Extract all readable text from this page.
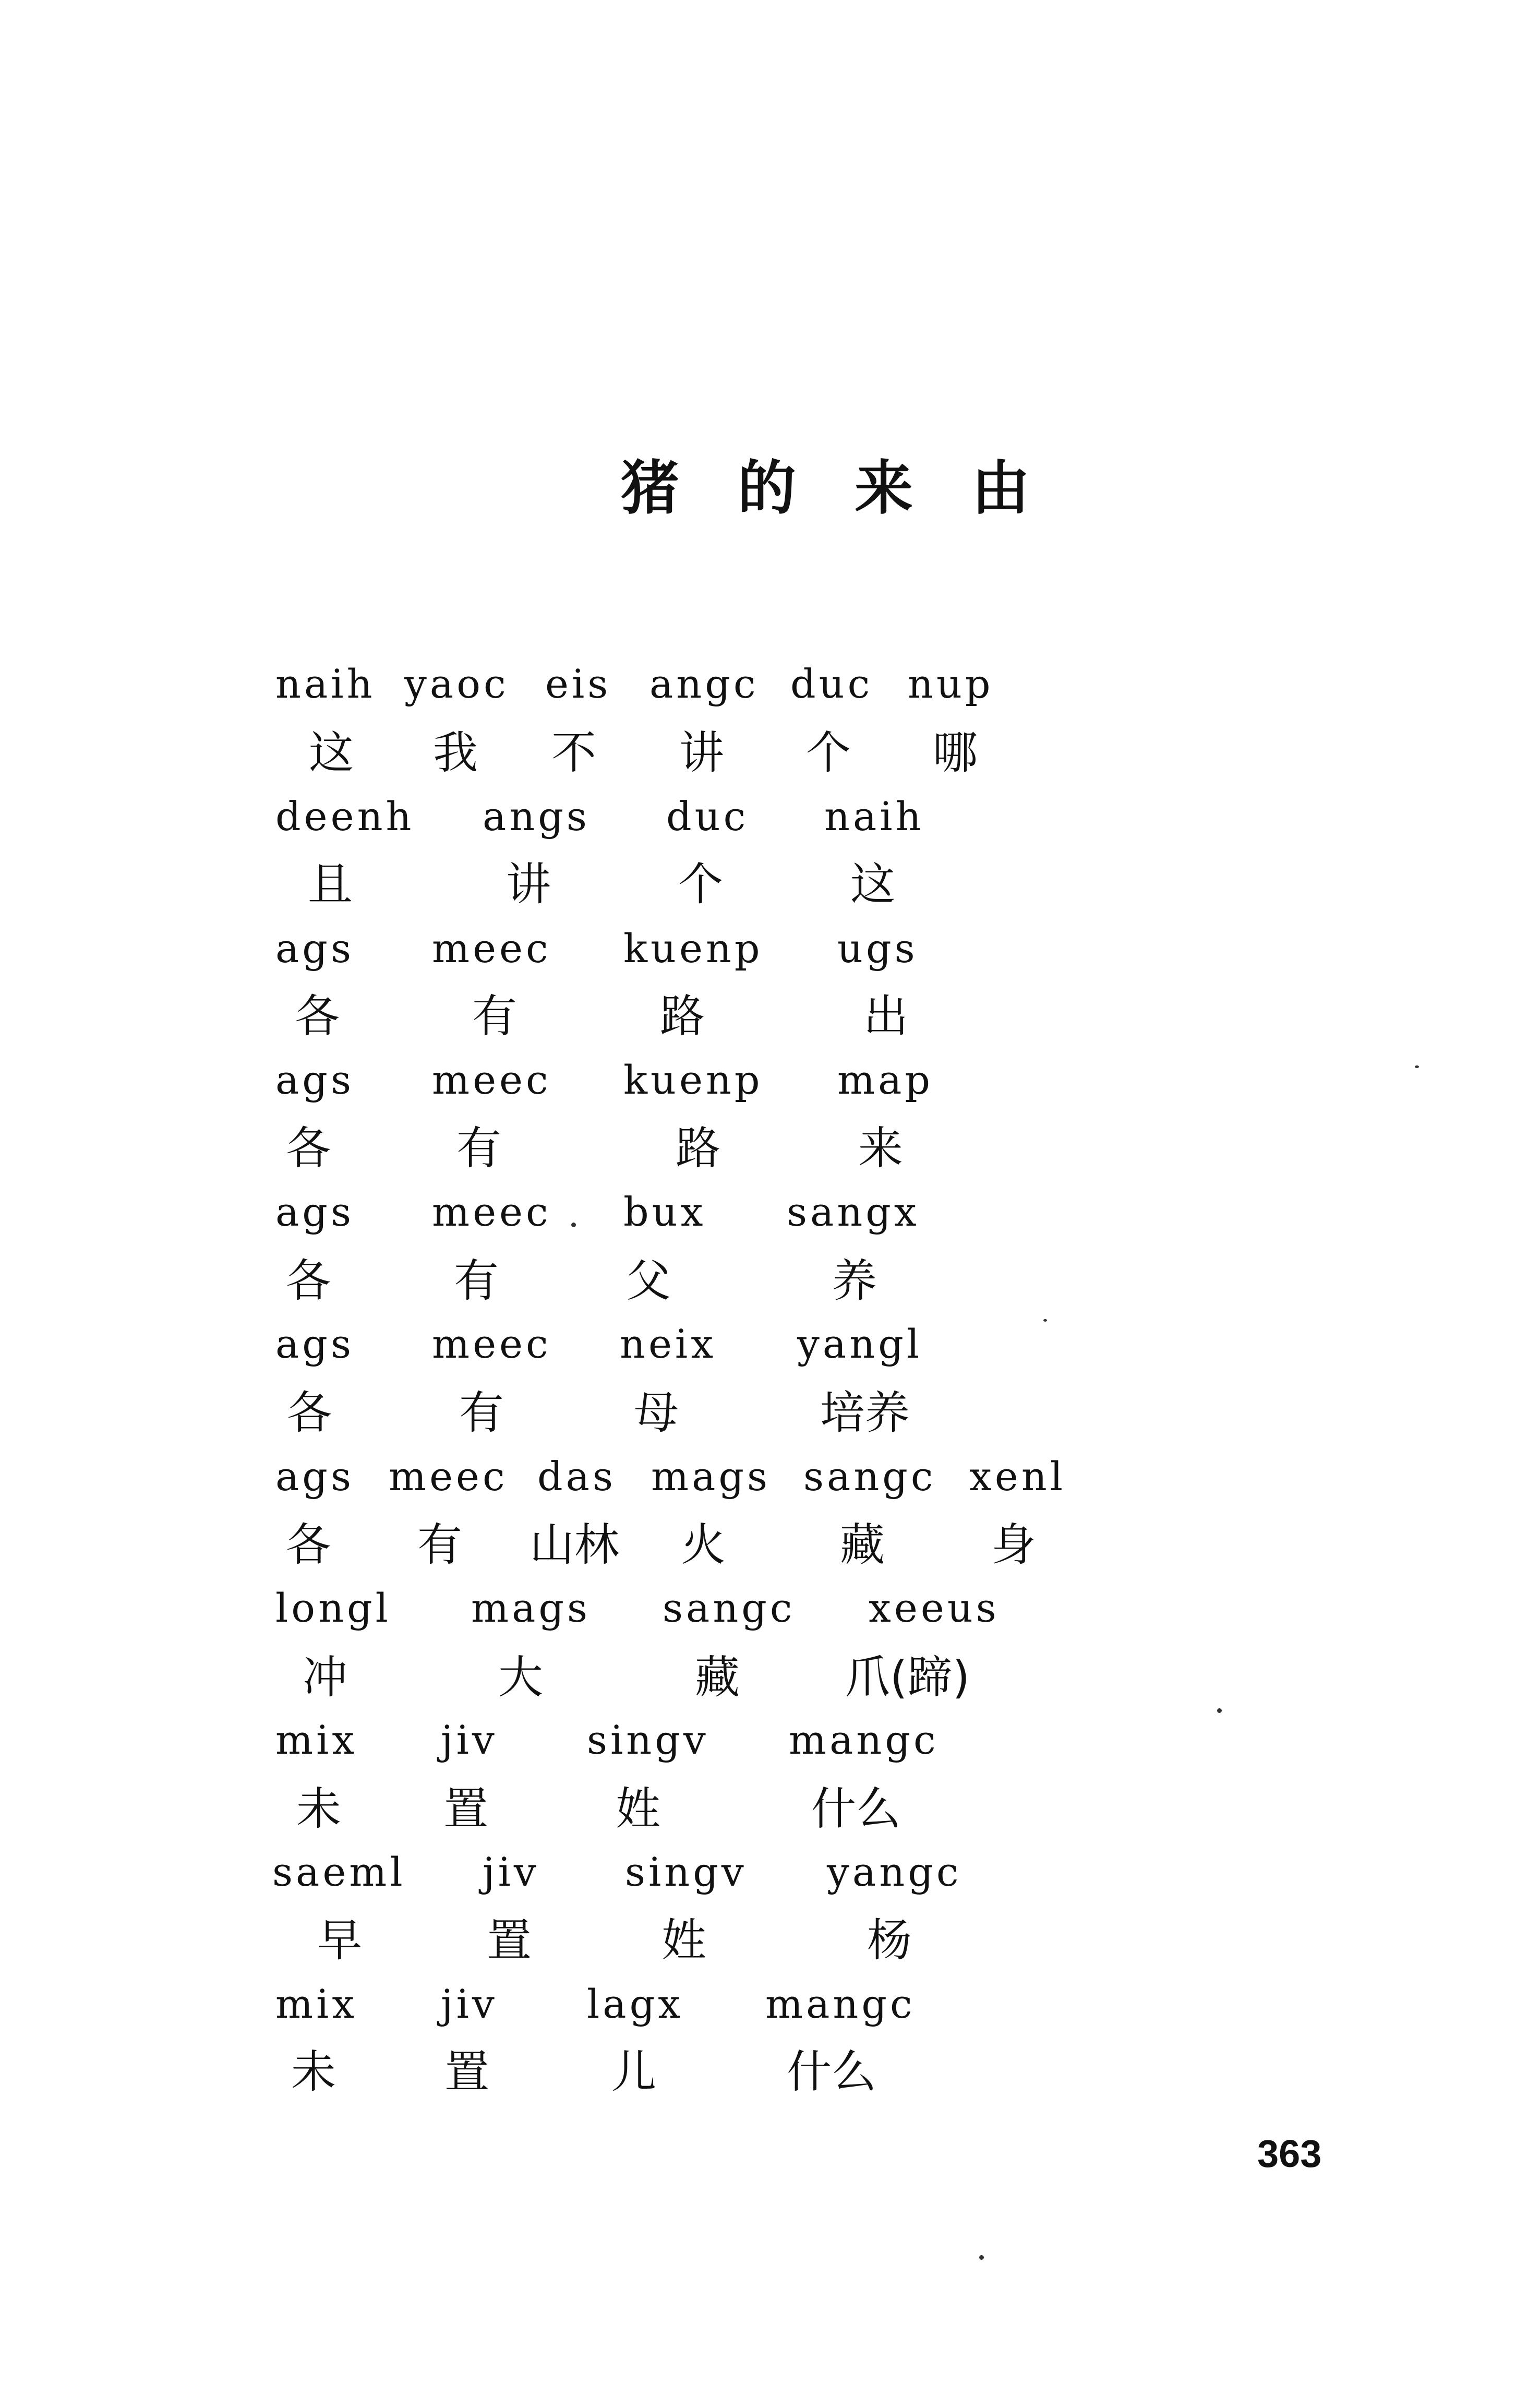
猪的来由
naih yaoc eis angc duc nup
这 我 不 讲 个 哪
deenh angs duc naih
且	讲	个	这
ags meec kuenp ugs
各	有	路	出
ags meec kuenp map
各	有	路	来
ags meec bux sangx
各	有	父	养
ags meec neix yangl
各	有	母	培养
ags meec das mags sangc xenl
各 有 山林 火	藏 身
longl mags sangc xeeus
冲	大	藏 爪(蹄)
mix jiv singv mangc
未 置	姓	什么
saeml jiv singv yangc
早	置	姓	杨
mix jiv lagx mangc
未 置	儿	什么
363
